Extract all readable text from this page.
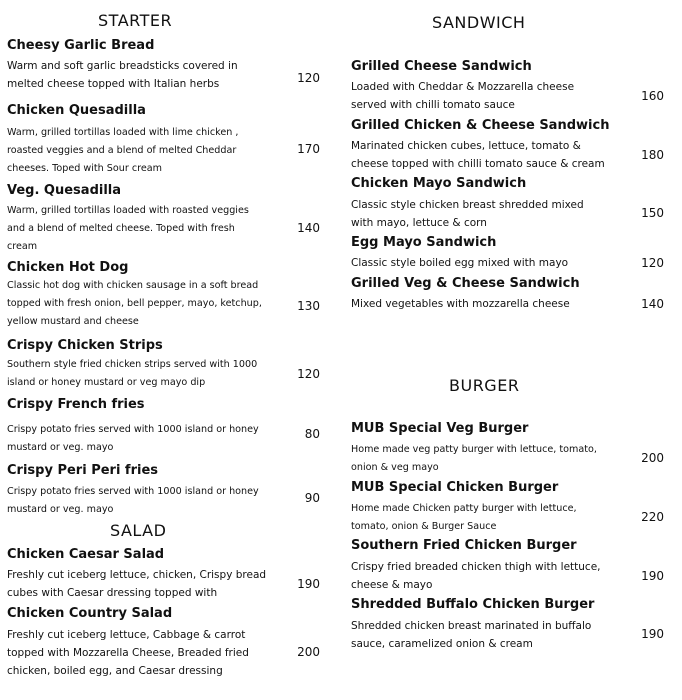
STARTER
Cheesy Garlic Bread
Warm and soft garlic breadsticks covered in melted cheese topped with Italian herbs	120
Chicken Quesadilla
Warm, grilled tortillas loaded with lime chicken , roasted veggies and a blend of melted Cheddar cheeses. Toped with Sour cream
170
Veg. Quesadilla
Warm, grilled tortillas loaded with roasted veggies and a blend of melted cheese. Toped with fresh cream
140
Chicken Hot Dog
Classic hot dog with chicken sausage in a soft bread topped with fresh onion, bell pepper, mayo, ketchup, yellow mustard and cheese
130
Crispy Chicken Strips
Southern style fried chicken strips served with 1000 island or honey mustard or veg mayo dip
120
Crispy French fries
Crispy potato fries served with 1000 island or honey mustard or veg. mayo
80
Crispy Peri Peri fries
Crispy potato fries served with 1000 island or honey mustard or veg. mayo
90
SALAD
Chicken Caesar Salad
Freshly cut iceberg lettuce, chicken, Crispy bread cubes with Caesar dressing topped with
190
Chicken Country Salad
Freshly cut iceberg lettuce, Cabbage & carrot topped with Mozzarella Cheese, Breaded fried chicken, boiled egg, and Caesar dressing
200
SANDWICH
Grilled Cheese Sandwich
Loaded with Cheddar & Mozzarella cheese served with chilli tomato sauce
160
Grilled Chicken & Cheese Sandwich
Marinated chicken cubes, lettuce, tomato & cheese topped with chilli tomato sauce & cream
180
Chicken Mayo Sandwich
Classic style chicken breast shredded mixed with mayo, lettuce & corn
150
Egg Mayo Sandwich
Classic style boiled egg mixed with mayo	120
Grilled Veg & Cheese Sandwich
Mixed vegetables with mozzarella cheese	140
BURGER
MUB Special Veg Burger
Home made veg patty burger with lettuce, tomato, onion & veg mayo
200
MUB Special Chicken Burger
Home made Chicken patty burger with lettuce, tomato, onion & Burger Sauce
220
Southern Fried Chicken Burger
Crispy fried breaded chicken thigh with lettuce, cheese & mayo
190
Shredded Buffalo Chicken Burger
Shredded chicken breast marinated in buffalo sauce, caramelized onion & cream
190
